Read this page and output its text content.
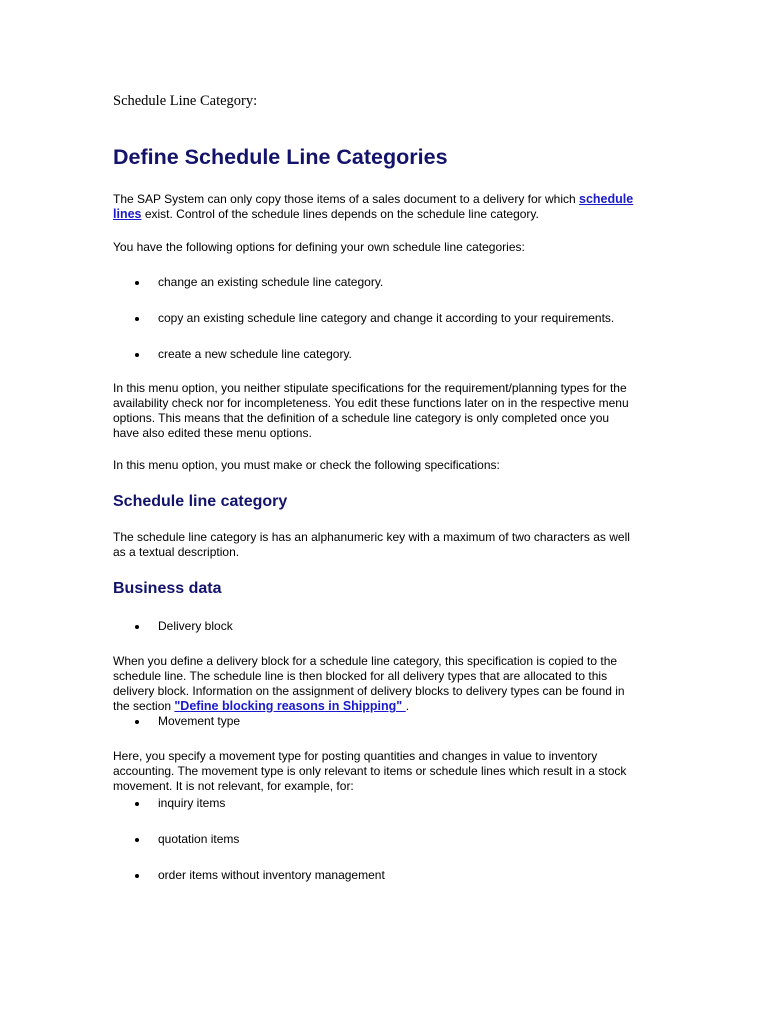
Schedule Line Category:

Define Schedule Line Categories

The SAP System can only copy those items of a sales document to a delivery for which schedule
lines exist. Control of the schedule lines depends on the schedule line category.

You have the following options for defining your own schedule line categories:

change an existing schedule line category.
copy an existing schedule line category and change it according to your requirements.
create a new schedule line category.

In this menu option, you neither stipulate specifications for the requirement/planning types for the
availability check nor for incompleteness. You edit these functions later on in the respective menu
options. This means that the definition of a schedule line category is only completed once you
have also edited these menu options.

In this menu option, you must make or check the following specifications:

Schedule line category

The schedule line category is has an alphanumeric key with a maximum of two characters as well
as a textual description.

Business data
Delivery block

When you define a delivery block for a schedule line category, this specification is copied to the
schedule line. The schedule line is then blocked for all delivery types that are allocated to this
delivery block. Information on the assignment of delivery blocks to delivery types can be found in
the section "Define blocking reasons in Shipping" .

Movement type

Here, you specify a movement type for posting quantities and changes in value to inventory
accounting. The movement type is only relevant to items or schedule lines which result in a stock
movement. It is not relevant, for example, for:

inquiry items
quotation items
order items without inventory management
